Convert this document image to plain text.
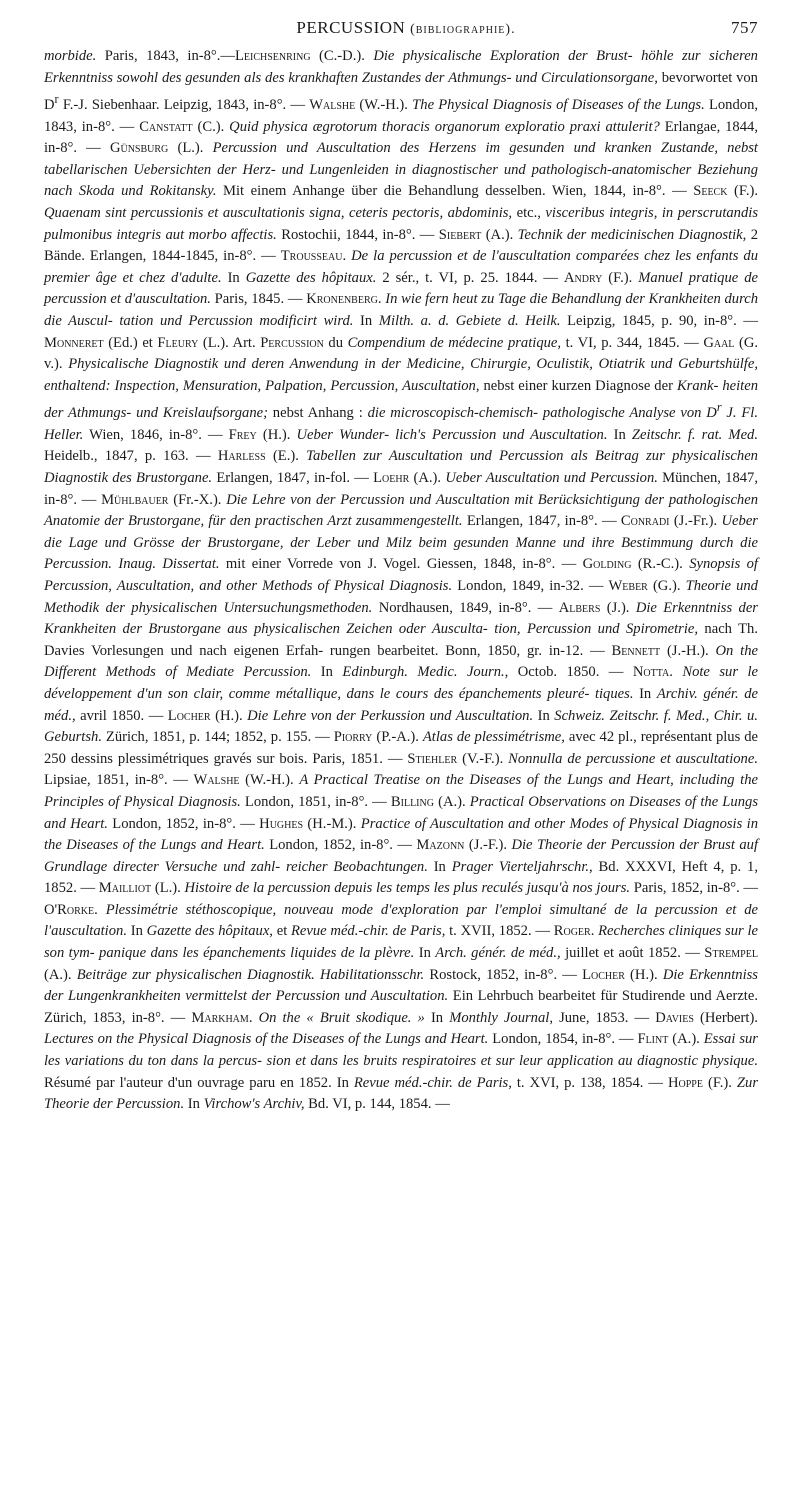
PERCUSSION (bibliographie).	757

morbide. Paris, 1843, in-8°.—Leichsenring (C.-D.). Die physicalische Exploration der Brust- höhle zur sicheren Erkenntniss sowohl des gesunden als des krankhaften Zustandes der Athmungs- und Circulationsorgane, bevorwortet von $D^r$ F.-J. Siebenhaar. Leipzig, 1843, in-8°. — Walshe (W.-H.). The Physical Diagnosis of Diseases of the Lungs. London, 1843, in-8°. — Canstatt (C.). Quid physica ægrotorum thoracis organorum exploratio praxi attulerit? Erlangae, 1844, in-8°. — Günsburg (L.). Percussion und Auscultation des Herzens im gesunden und kranken Zustande, nebst tabellarischen Uebersichten der Herz- und Lungenleiden in diagnostischer und pathologisch-anatomischer Beziehung nach Skoda und Rokitansky. Mit einem Anhange über die Behandlung desselben. Wien, 1844, in-8°. — Seeck (F.). Quaenam sint percussionis et auscultationis signa, ceteris pectoris, abdominis, etc., visceribus integris, in perscrutandis pulmonibus integris aut morbo affectis. Rostochii, 1844, in-8°. — Siebert (A.). Technik der medicinischen Diagnostik, 2 Bände. Erlangen, 1844-1845, in-8°. — Trousseau. De la percussion et de l'auscultation comparées chez les enfants du premier âge et chez d'adulte. In Gazette des hôpitaux. 2 sér., t. VI, p. 25. 1844. — Andry (F.). Manuel pratique de percussion et d'auscultation. Paris, 1845. — Kronenberg. In wie fern heut zu Tage die Behandlung der Krankheiten durch die Auscul- tation und Percussion modificirt wird. In Milth. a. d. Gebiete d. Heilk. Leipzig, 1845, p. 90, in-8°. — Monneret (Ed.) et Fleury (L.). Art. Percussion du Compendium de médecine pratique, t. VI, p. 344, 1845. — Gaal (G. v.). Physicalische Diagnostik und deren Anwendung in der Medicine, Chirurgie, Oculistik, Otiatrik und Geburtshülfe, enthaltend: Inspection, Mensuration, Palpation, Percussion, Auscultation, nebst einer kurzen Diagnose der Krank- heiten der Athmungs- und Kreislaufsorgane; nebst Anhang : die microscopisch-chemisch- pathologische Analyse von $D^r$ J. Fl. Heller. Wien, 1846, in-8°. — Frey (H.). Ueber Wunder- lich's Percussion und Auscultation. In Zeitschr. f. rat. Med. Heidelb., 1847, p. 163. — Harless (E.). Tabellen zur Auscultation und Percussion als Beitrag zur physicalischen Diagnostik des Brustorgane. Erlangen, 1847, in-fol. — Loehr (A.). Ueber Auscultation und Percussion. München, 1847, in-8°. — Mühlbauer (Fr.-X.). Die Lehre von der Percussion und Auscultation mit Berücksichtigung der pathologischen Anatomie der Brustorgane, für den practischen Arzt zusammengestellt. Erlangen, 1847, in-8°. — Conradi (J.-Fr.). Ueber die Lage und Grösse der Brustorgane, der Leber und Milz beim gesunden Manne und ihre Bestimmung durch die Percussion. Inaug. Dissertat. mit einer Vorrede von J. Vogel. Giessen, 1848, in-8°. — Golding (R.-C.). Synopsis of Percussion, Auscultation, and other Methods of Physical Diagnosis. London, 1849, in-32. — Weber (G.). Theorie und Methodik der physicalischen Untersuchungsmethoden. Nordhausen, 1849, in-8°. — Albers (J.). Die Erkenntniss der Krankheiten der Brustorgane aus physicalischen Zeichen oder Ausculta- tion, Percussion und Spirometrie, nach Th. Davies Vorlesungen und nach eigenen Erfah- rungen bearbeitet. Bonn, 1850, gr. in-12. — Bennett (J.-H.). On the Different Methods of Mediate Percussion. In Edinburgh. Medic. Journ., Octob. 1850. — Notta. Note sur le développement d'un son clair, comme métallique, dans le cours des épanchements pleuré- tiques. In Archiv. génér. de méd., avril 1850. — Locher (H.). Die Lehre von der Perkussion und Auscultation. In Schweiz. Zeitschr. f. Med., Chir. u. Geburtsh. Zürich, 1851, p. 144; 1852, p. 155. — Piorry (P.-A.). Atlas de plessimétrisme, avec 42 pl., représentant plus de 250 dessins plessimétriques gravés sur bois. Paris, 1851. — Stiehler (V.-F.). Nonnulla de percussione et auscultatione. Lipsiae, 1851, in-8°. — Walshe (W.-H.). A Practical Treatise on the Diseases of the Lungs and Heart, including the Principles of Physical Diagnosis. London, 1851, in-8°. — Billing (A.). Practical Observations on Diseases of the Lungs and Heart. London, 1852, in-8°. — Hughes (H.-M.). Practice of Auscultation and other Modes of Physical Diagnosis in the Diseases of the Lungs and Heart. London, 1852, in-8°. — Mazonn (J.-F.). Die Theorie der Percussion der Brust auf Grundlage directer Versuche und zahl- reicher Beobachtungen. In Prager Vierteljahrschr., Bd. XXXVI, Heft 4, p. 1, 1852. — Mailliot (L.). Histoire de la percussion depuis les temps les plus reculés jusqu'à nos jours. Paris, 1852, in-8°. — O'Rorke. Plessimétrie stéthoscopique, nouveau mode d'exploration par l'emploi simultané de la percussion et de l'auscultation. In Gazette des hôpitaux, et Revue méd.-chir. de Paris, t. XVII, 1852. — Roger. Recherches cliniques sur le son tym- panique dans les épanchements liquides de la plèvre. In Arch. génér. de méd., juillet et août 1852. — Strempel (A.). Beiträge zur physicalischen Diagnostik. Habilitationsschr. Rostock, 1852, in-8°. — Locher (H.). Die Erkenntniss der Lungenkrankheiten vermittelst der Percussion und Auscultation. Ein Lehrbuch bearbeitet für Studirende und Aerzte. Zürich, 1853, in-8°. — Markham. On the « Bruit skodique. » In Monthly Journal, June, 1853. — Davies (Herbert). Lectures on the Physical Diagnosis of the Diseases of the Lungs and Heart. London, 1854, in-8°. — Flint (A.). Essai sur les variations du ton dans la percus- sion et dans les bruits respiratoires et sur leur application au diagnostic physique. Résumé par l'auteur d'un ouvrage paru en 1852. In Revue méd.-chir. de Paris, t. XVI, p. 138, 1854. — Hoppe (F.). Zur Theorie der Percussion. In Virchow's Archiv, Bd. VI, p. 144, 1854. —
